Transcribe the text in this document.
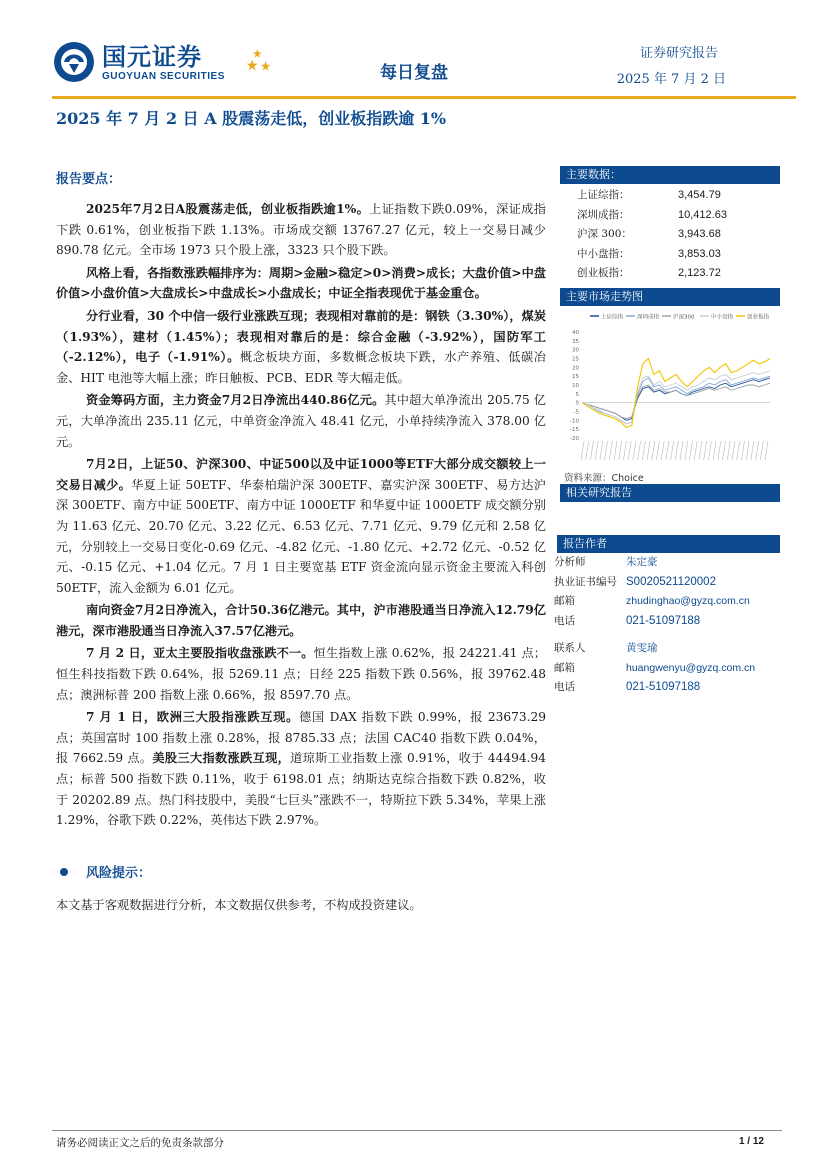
国元证券
GUOYUAN SECURITIES	每日复盘
证券研究报告
2025 年 7 月 2 日
2025 年 7 月 2 日 A 股震荡走低，创业板指跌逾 1%
报告要点：

2025年7月2日A股震荡走低，创业板指跌逾1%。上证指数下跌0.09%，深证成指下跌 0.61%，创业板指下跌 1.13%。市场成交额 13767.27 亿元，较上一交易日减少 890.78 亿元。全市场 1973 只个股上涨，3323 只个股下跌。

风格上看，各指数涨跌幅排序为：周期>金融>稳定>0>消费>成长；大盘价值>中盘价值>小盘价值>大盘成长>中盘成长>小盘成长；中证全指表现优于基金重仓。

分行业看，30 个中信一级行业涨跌互现；表现相对靠前的是：钢铁（3.30%），煤炭（1.93%），建材（1.45%）；表现相对靠后的是：综合金融（-3.92%），国防军工（-2.12%），电子（-1.91%）。概念板块方面，多数概念板块下跌，水产养殖、低碳冶金、HIT 电池等大幅上涨；昨日触板、PCB、EDR 等大幅走低。

资金筹码方面，主力资金7月2日净流出440.86亿元。其中超大单净流出 205.75 亿元，大单净流出 235.11 亿元，中单资金净流入 48.41 亿元，小单持续净流入 378.00 亿元。

7月2日，上证50、沪深300、中证500以及中证1000等ETF大部分成交额较上一交易日减少。华夏上证 50ETF、华泰柏瑞沪深 300ETF、嘉实沪深 300ETF、易方达沪深 300ETF、南方中证 500ETF、南方中证 1000ETF 和华夏中证 1000ETF 成交额分别为 11.63 亿元、20.70 亿元、3.22 亿元、6.53 亿元、7.71 亿元、9.79 亿元和 2.58 亿元，分别较上一交易日变化-0.69 亿元、-4.82 亿元、-1.80 亿元、+2.72 亿元、-0.52 亿元、-0.15 亿元、+1.04 亿元。7 月 1 日主要宽基 ETF 资金流向显示资金主要流入科创 50ETF，流入金额为 6.01 亿元。

南向资金7月2日净流入，合计50.36亿港元。其中，沪市港股通当日净流入12.79亿港元，深市港股通当日净流入37.57亿港元。

7 月 2 日，亚太主要股指收盘涨跌不一。恒生指数上涨 0.62%，报 24221.41 点；恒生科技指数下跌 0.64%，报 5269.11 点；日经 225 指数下跌 0.56%，报 39762.48 点；澳洲标普 200 指数上涨 0.66%，报 8597.70 点。

7 月 1 日，欧洲三大股指涨跌互现。德国 DAX 指数下跌 0.99%，报 23673.29 点；英国富时 100 指数上涨 0.28%，报 8785.33 点；法国 CAC40 指数下跌 0.04%，报 7662.59 点。美股三大指数涨跌互现，道琼斯工业指数上涨 0.91%，收于 44494.94 点；标普 500 指数下跌 0.11%，收于 6198.01 点；纳斯达克综合指数下跌 0.82%，收于 20202.89 点。热门科技股中，美股“七巨头”涨跌不一，特斯拉下跌 5.34%，苹果上涨 1.29%，谷歌下跌 0.22%，英伟达下跌 2.97%。

风险提示：
本文基于客观数据进行分析，本文数据仅供参考，不构成投资建议。
主要数据：
上证综指：	3,454.79
深圳成指：	10,412.63
沪深 300：	3,943.68
中小盘指：	3,853.03
创业板指：	2,123.72
主要市场走势图
上证综指	深圳成指	沪深300	中小盘指	创业板指
40
35
30
25
20
15
10
5
0
-5
-10
-15
-20
资料来源：Choice
相关研究报告
报告作者
分析师	朱定豪
执业证书编号 S0020521120002
邮箱	zhudinghao@gyzq.com.cn
电话	021-51097188
联系人	黄雯瑜
邮箱	huangwenyu@gyzq.com.cn
电话	021-51097188
请务必阅读正文之后的免责条款部分	1 / 12
